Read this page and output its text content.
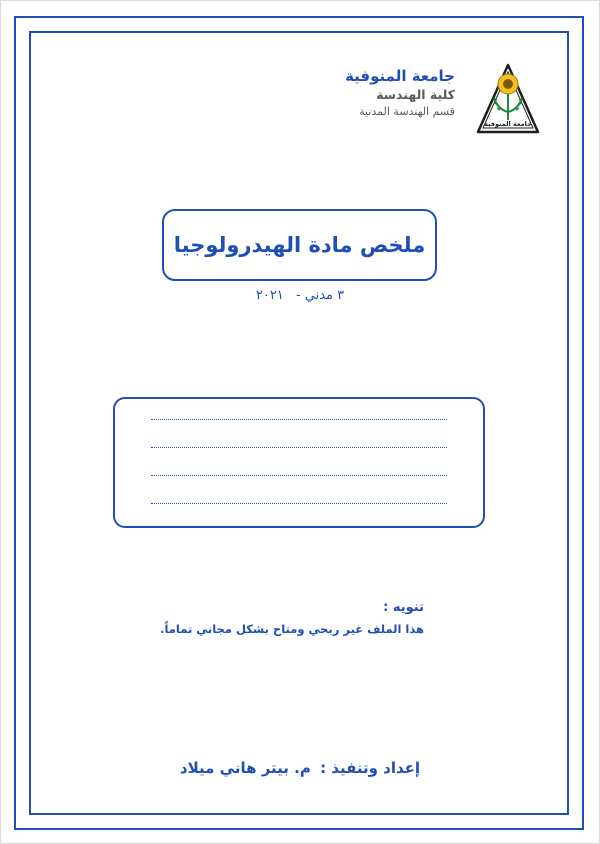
جامعة المنوفية
كلية الهندسة
قسم الهندسة المدنية
جامعة المنوفية
ملخص مادة الهيدرولوجيا
٣ مدني - ٢٠٢١
تنويه :
هذا الملف غير ربحي ومتاح بشكل مجاني تماماً.
إعداد وتنفيذ : م. بيتر هاني ميلاد
